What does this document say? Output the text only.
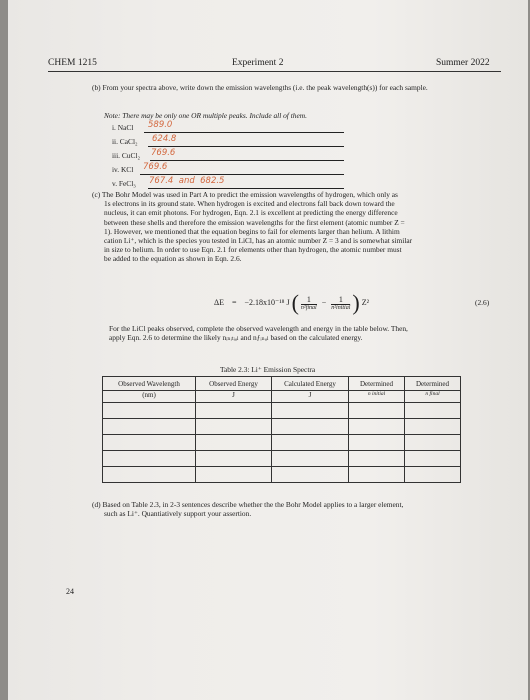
CHEM 1215	Experiment 2	Summer 2022
(b) From your spectra above, write down the emission wavelengths (i.e. the peak wavelength(s)) for each sample.
Note: There may be only one OR multiple peaks. Include all of them.
i. NaCl 589.0
ii. CaCl₂ 624.8
iii. CuCl₂ 769.6
iv. KCl 769.6
v. FeCl₃ 767.4  and  682.5
(c) The Bohr Model was used in Part A to predict the emission wavelengths of hydrogen, which only as
1s electrons in its ground state. When hydrogen is excited and electrons fall back down toward the
nucleus, it can emit photons. For hydrogen, Eqn. 2.1 is excellent at predicting the energy difference
between these shells and therefore the emission wavelengths for the first element (atomic number Z =
1). However, we mentioned that the equation begins to fail for elements larger than helium. A lithim
cation Li⁺, which is the species you tested in LiCl, has an atomic number Z = 3 and is somewhat similar
in size to helium. In order to use Eqn. 2.1 for elements other than hydrogen, the atomic number must
be added to the equation as shown in Eqn. 2.6.
ΔE = −2.18x10⁻¹⁸ J ( $\frac{1}{\text{n²final}} - \frac{1}{\text{n²initial}}$ ) Z²	(2.6)
For the LiCl peaks observed, complete the observed wavelength and energy in the table below. Then,
apply Eqn. 2.6 to determine the likely nᵢₙᵢₜᵢₐₗ and nƒᵢₙₐₗ based on the calculated energy.
Table 2.3: Li⁺ Emission Spectra
Observed Wavelength	Observed Energy	Calculated Energy	Determined	Determined
(nm)	J	J	n initial	n final

(d) Based on Table 2.3, in 2-3 sentences describe whether the the Bohr Model applies to a larger element,
such as Li⁺. Quantiatively support your assertion.
24
